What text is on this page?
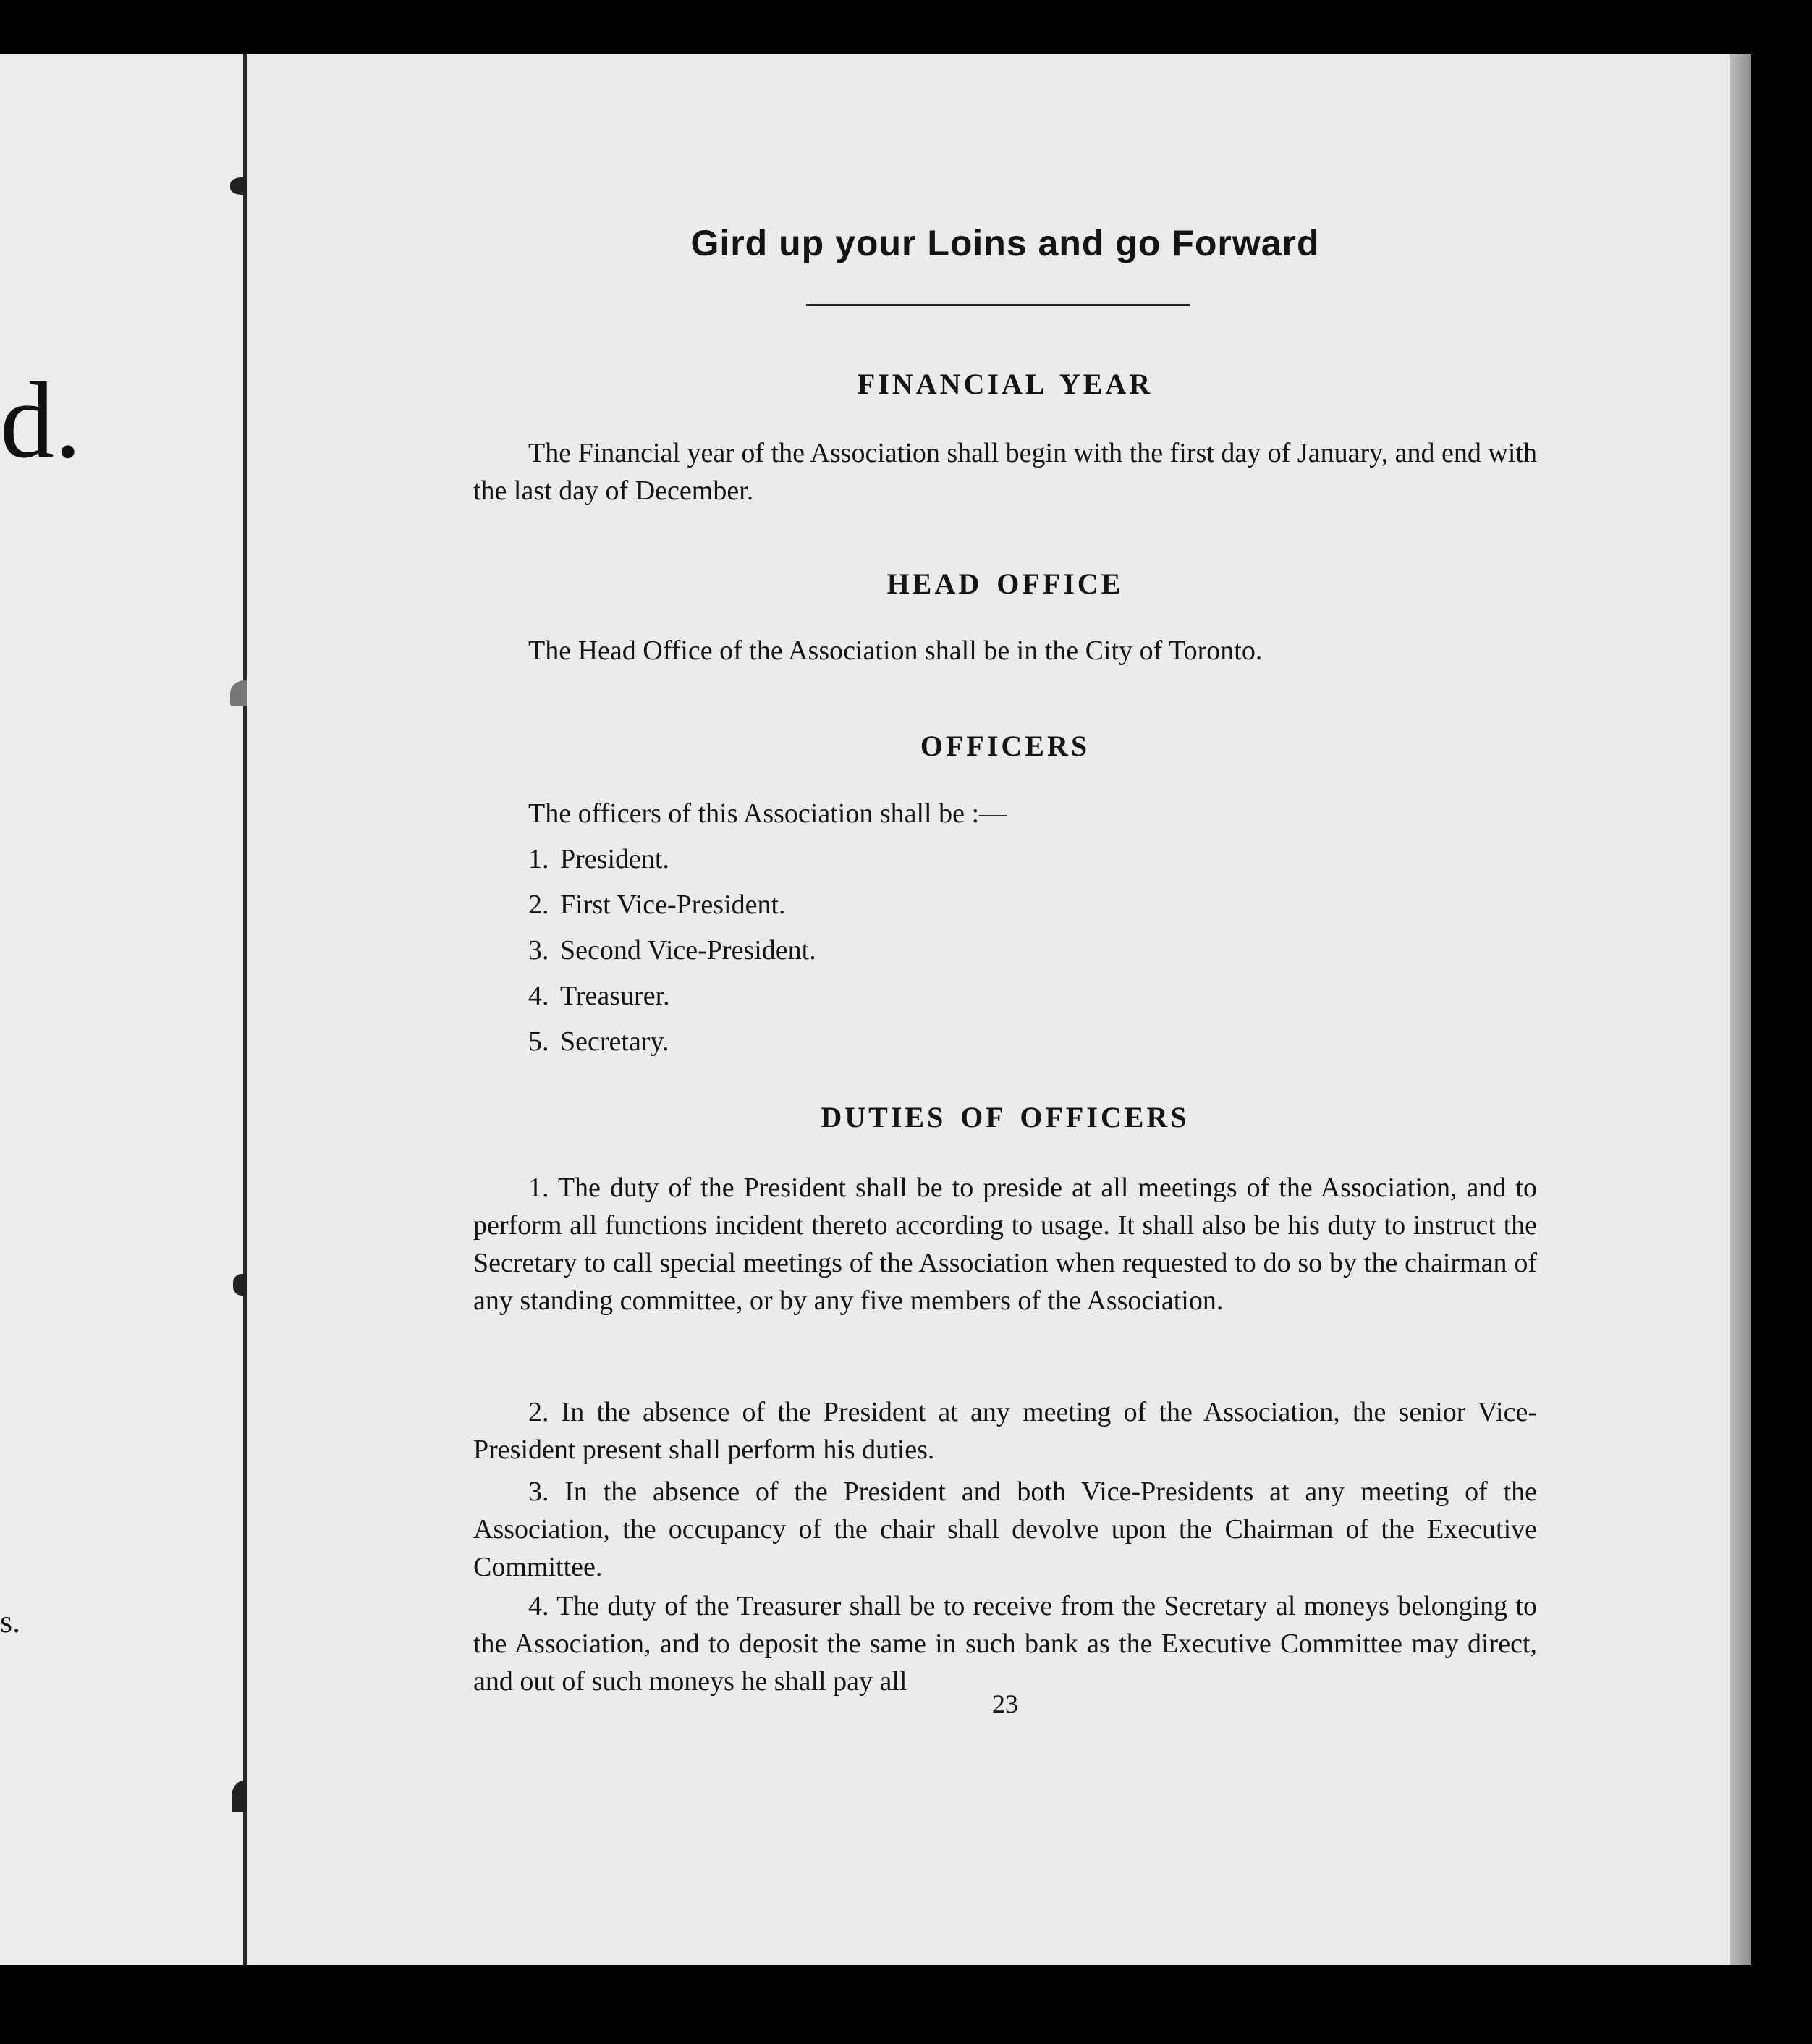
d.
s.
Gird up your Loins and go Forward
FINANCIAL YEAR

The Financial year of the Association shall begin with the first day of January, and end with the last day of December.

HEAD OFFICE
The Head Office of the Association shall be in the City of Toronto.
OFFICERS
The officers of this Association shall be :—
1. President.
2. First Vice-President.
3. Second Vice-President.
4. Treasurer.
5. Secretary.
DUTIES OF OFFICERS

1. The duty of the President shall be to preside at all meetings of the Association, and to perform all functions incident thereto according to usage. It shall also be his duty to instruct the Secretary to call special meetings of the Association when requested to do so by the chairman of any standing committee, or by any five members of the Association.

2. In the absence of the President at any meeting of the Association, the senior Vice-President present shall perform his duties.

3. In the absence of the President and both Vice-Presidents at any meeting of the Association, the occupancy of the chair shall devolve upon the Chairman of the Executive Committee.

4. The duty of the Treasurer shall be to receive from the Secretary al moneys belonging to the Association, and to deposit the same in such bank as the Executive Committee may direct, and out of such moneys he shall pay all

23
